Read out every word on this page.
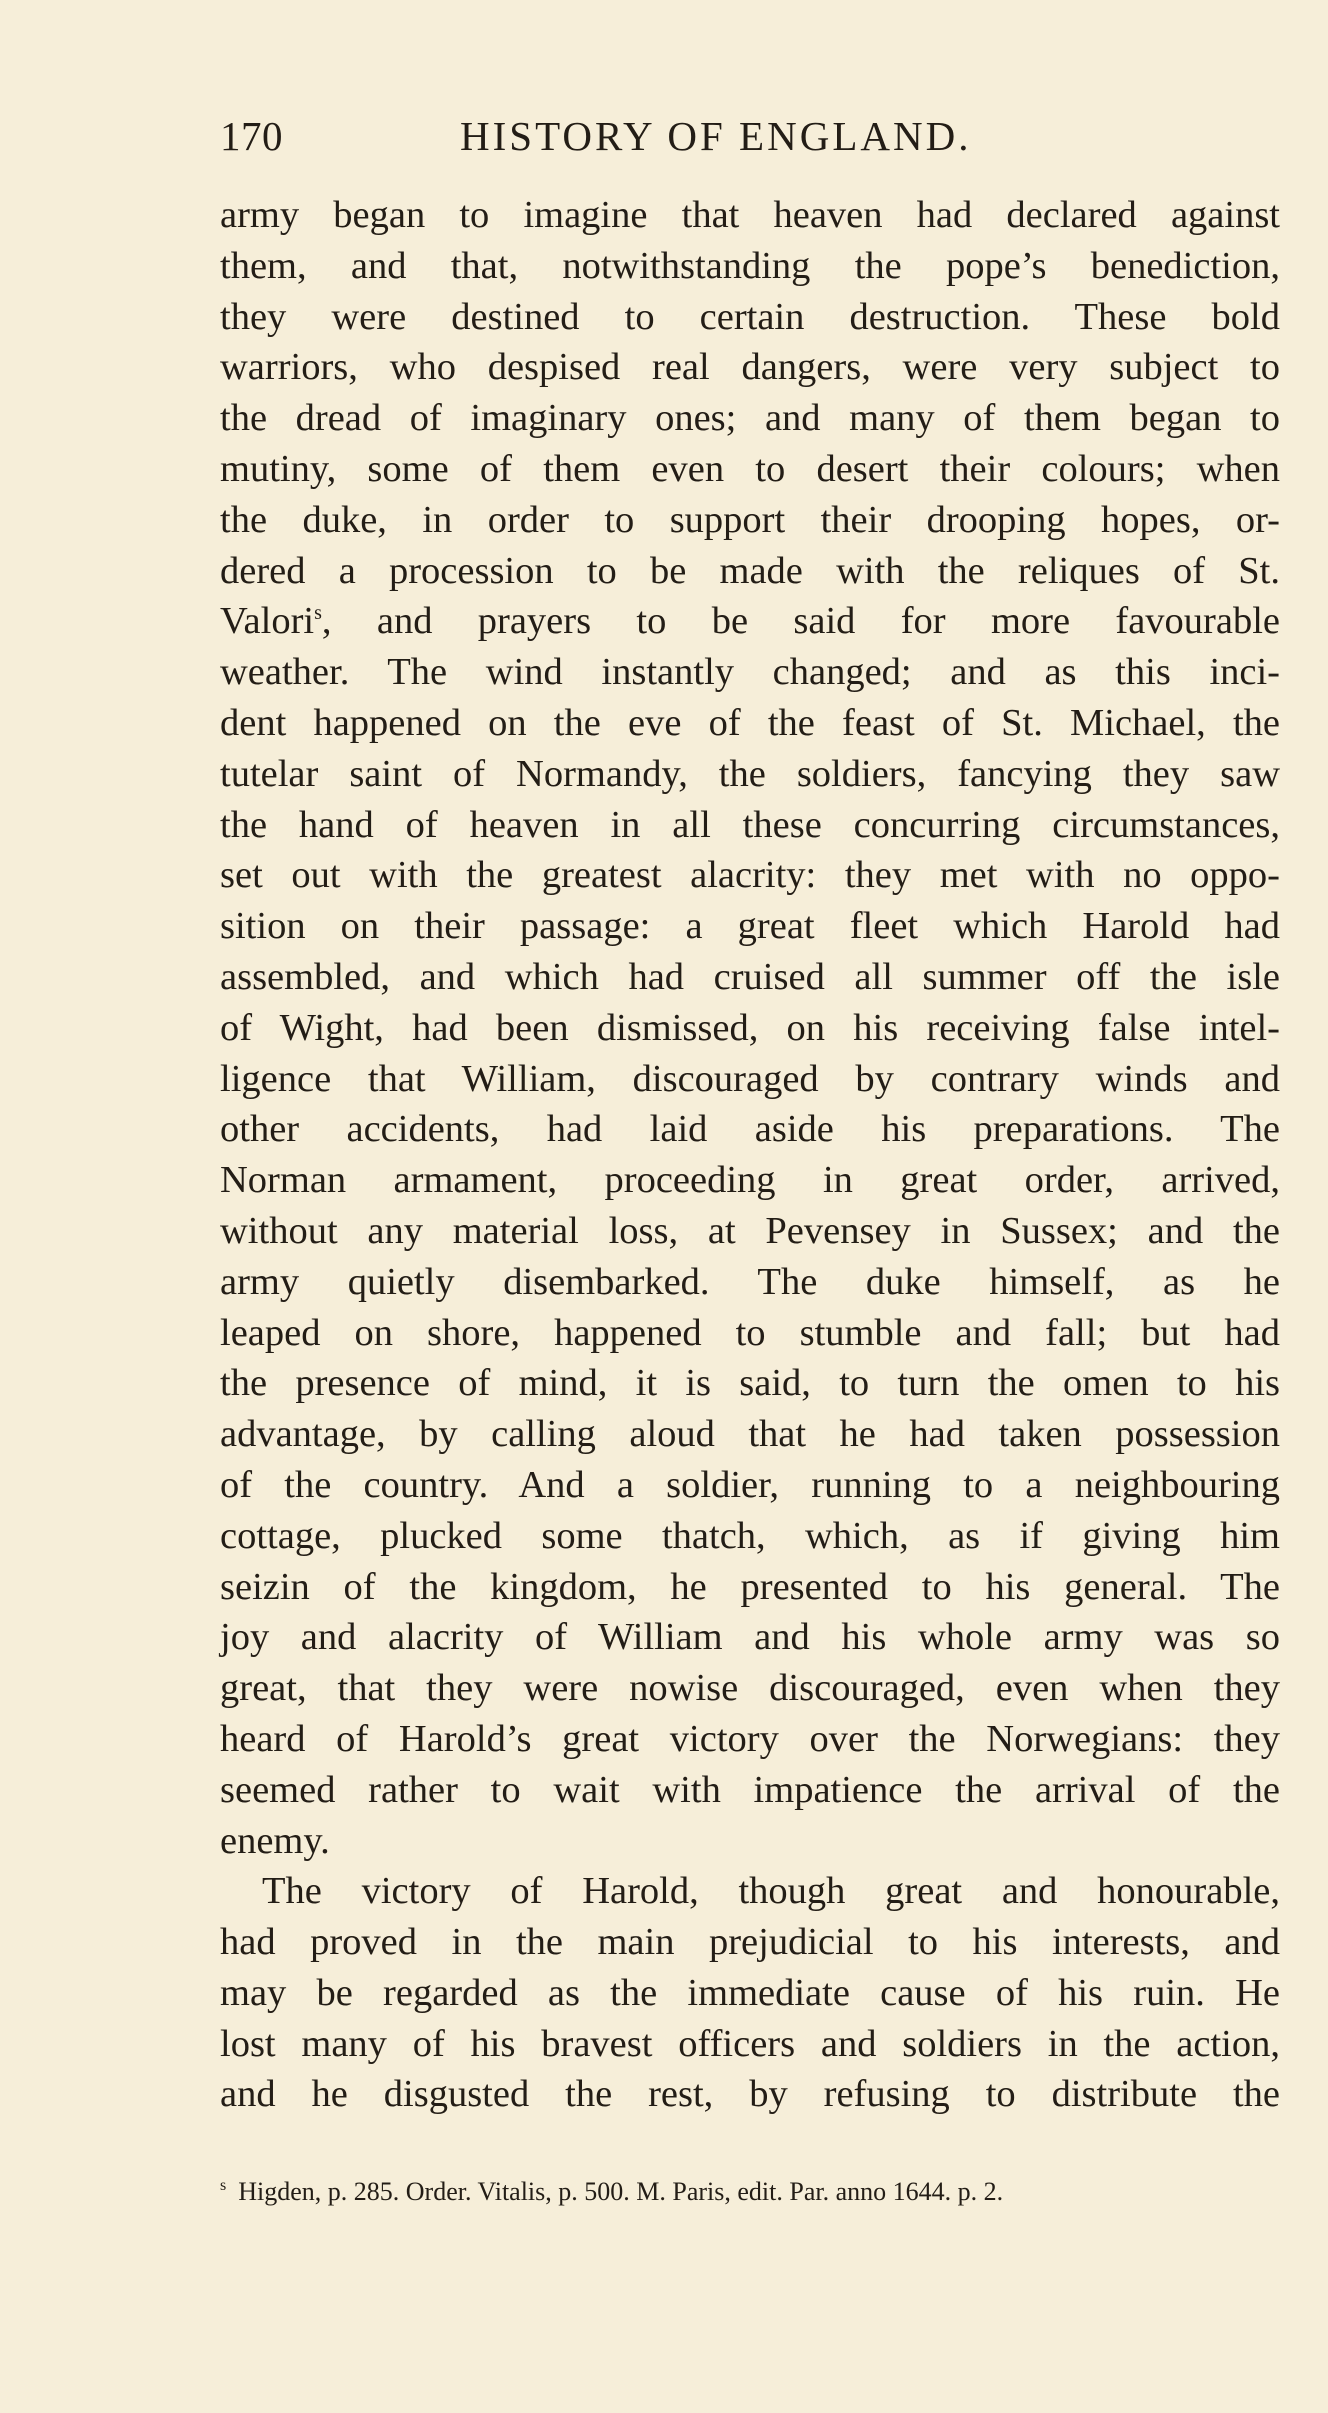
170	HISTORY OF ENGLAND.
army began to imagine that heaven had declared against
them, and that, notwithstanding the pope’s benediction,
they were destined to certain destruction. These bold
warriors, who despised real dangers, were very subject to
the dread of imaginary ones; and many of them began to
mutiny, some of them even to desert their colours; when
the duke, in order to support their drooping hopes, or-
dered a procession to be made with the reliques of St.
Valori$^s$, and prayers to be said for more favourable
weather. The wind instantly changed; and as this inci-
dent happened on the eve of the feast of St. Michael, the
tutelar saint of Normandy, the soldiers, fancying they saw
the hand of heaven in all these concurring circumstances,
set out with the greatest alacrity: they met with no oppo-
sition on their passage: a great fleet which Harold had
assembled, and which had cruised all summer off the isle
of Wight, had been dismissed, on his receiving false intel-
ligence that William, discouraged by contrary winds and
other accidents, had laid aside his preparations. The
Norman armament, proceeding in great order, arrived,
without any material loss, at Pevensey in Sussex; and the
army quietly disembarked. The duke himself, as he
leaped on shore, happened to stumble and fall; but had
the presence of mind, it is said, to turn the omen to his
advantage, by calling aloud that he had taken possession
of the country. And a soldier, running to a neighbouring
cottage, plucked some thatch, which, as if giving him
seizin of the kingdom, he presented to his general. The
joy and alacrity of William and his whole army was so
great, that they were nowise discouraged, even when they
heard of Harold’s great victory over the Norwegians: they
seemed rather to wait with impatience the arrival of the
enemy.
The victory of Harold, though great and honourable,
had proved in the main prejudicial to his interests, and
may be regarded as the immediate cause of his ruin. He
lost many of his bravest officers and soldiers in the action,
and he disgusted the rest, by refusing to distribute the
$^s$ Higden, p. 285. Order. Vitalis, p. 500. M. Paris, edit. Par. anno 1644. p. 2.
